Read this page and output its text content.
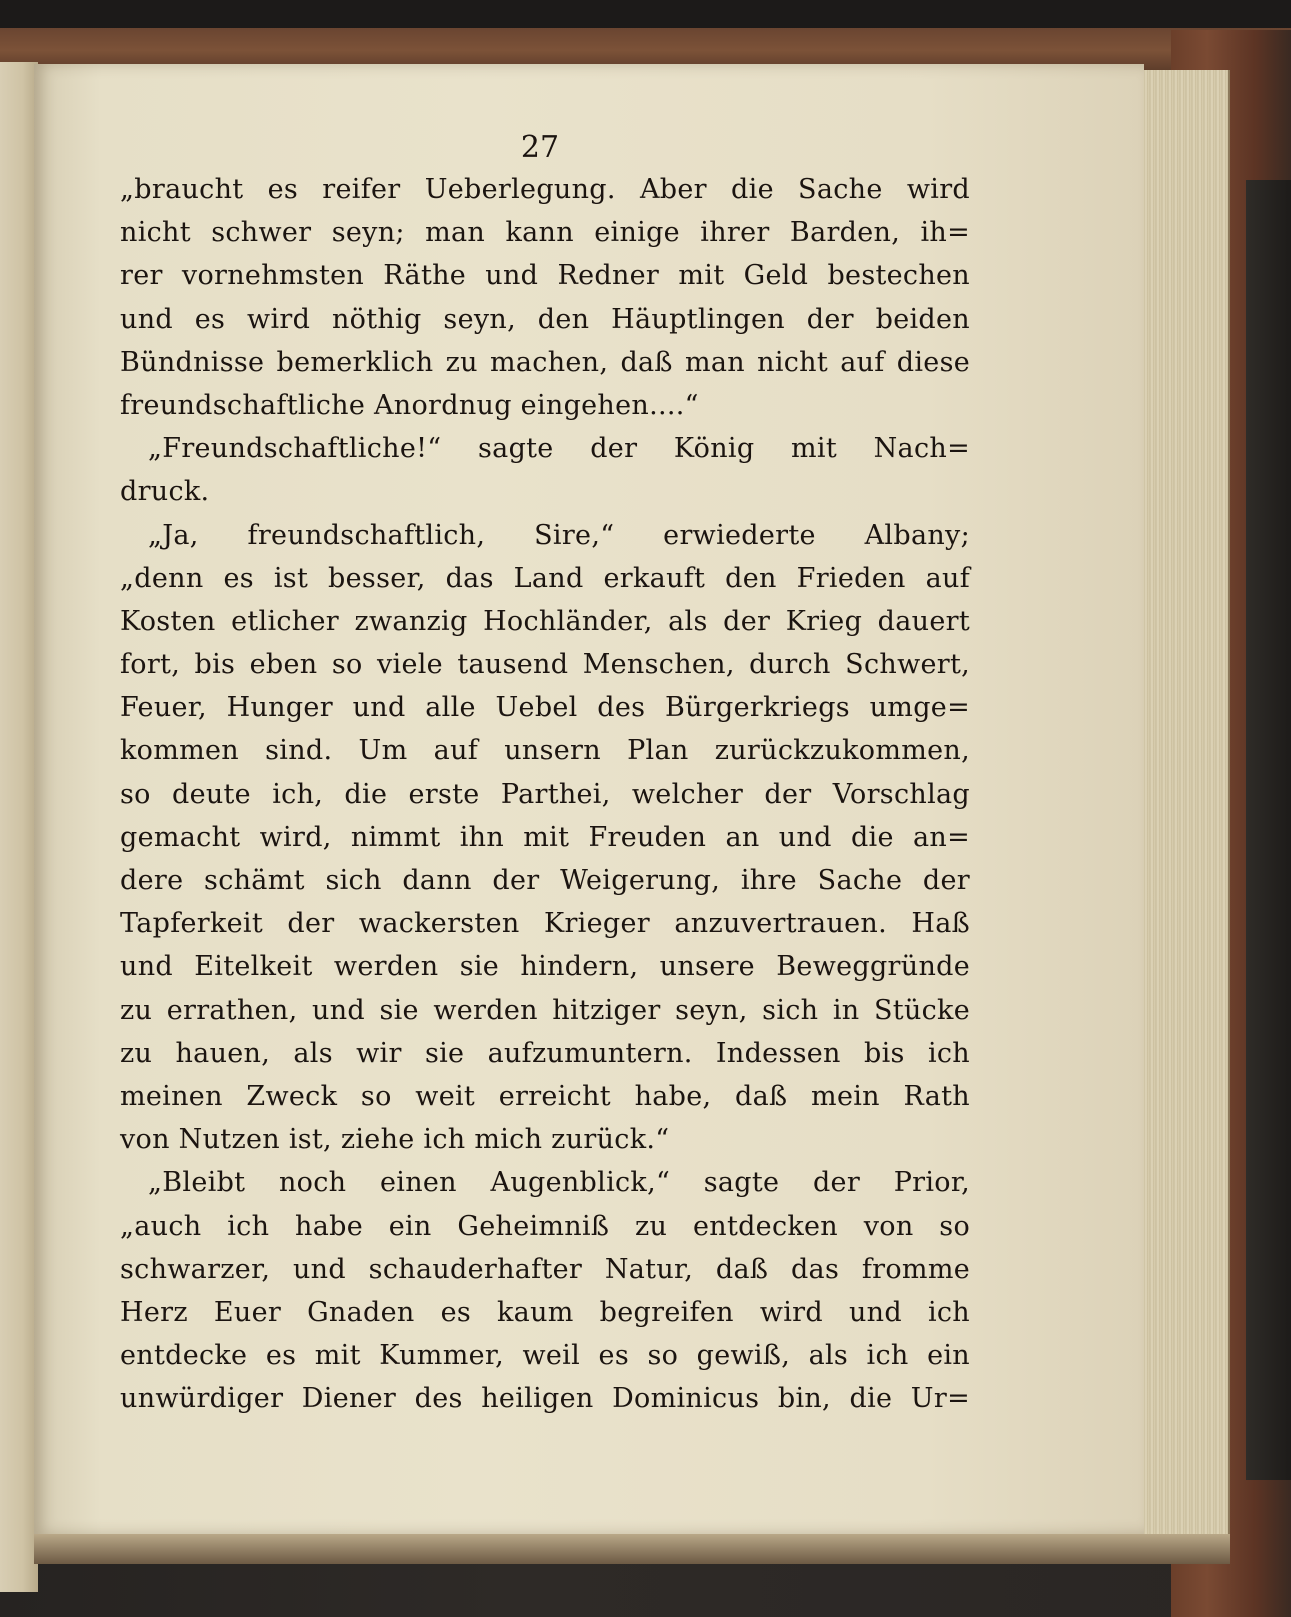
27
„braucht es reifer Ueberlegung. Aber die Sache wird
nicht schwer seyn; man kann einige ihrer Barden, ih=
rer vornehmsten Räthe und Redner mit Geld bestechen
und es wird nöthig seyn, den Häuptlingen der beiden
Bündnisse bemerklich zu machen, daß man nicht auf diese
freundschaftliche Anordnug eingehen....“
„Freundschaftliche!“ sagte der König mit Nach=
druck.
„Ja, freundschaftlich, Sire,“ erwiederte Albany;
„denn es ist besser, das Land erkauft den Frieden auf
Kosten etlicher zwanzig Hochländer, als der Krieg dauert
fort, bis eben so viele tausend Menschen, durch Schwert,
Feuer, Hunger und alle Uebel des Bürgerkriegs umge=
kommen sind. Um auf unsern Plan zurückzukommen,
so deute ich, die erste Parthei, welcher der Vorschlag
gemacht wird, nimmt ihn mit Freuden an und die an=
dere schämt sich dann der Weigerung, ihre Sache der
Tapferkeit der wackersten Krieger anzuvertrauen. Haß
und Eitelkeit werden sie hindern, unsere Beweggründe
zu errathen, und sie werden hitziger seyn, sich in Stücke
zu hauen, als wir sie aufzumuntern. Indessen bis ich
meinen Zweck so weit erreicht habe, daß mein Rath
von Nutzen ist, ziehe ich mich zurück.“
„Bleibt noch einen Augenblick,“ sagte der Prior,
„auch ich habe ein Geheimniß zu entdecken von so
schwarzer, und schauderhafter Natur, daß das fromme
Herz Euer Gnaden es kaum begreifen wird und ich
entdecke es mit Kummer, weil es so gewiß, als ich ein
unwürdiger Diener des heiligen Dominicus bin, die Ur=
